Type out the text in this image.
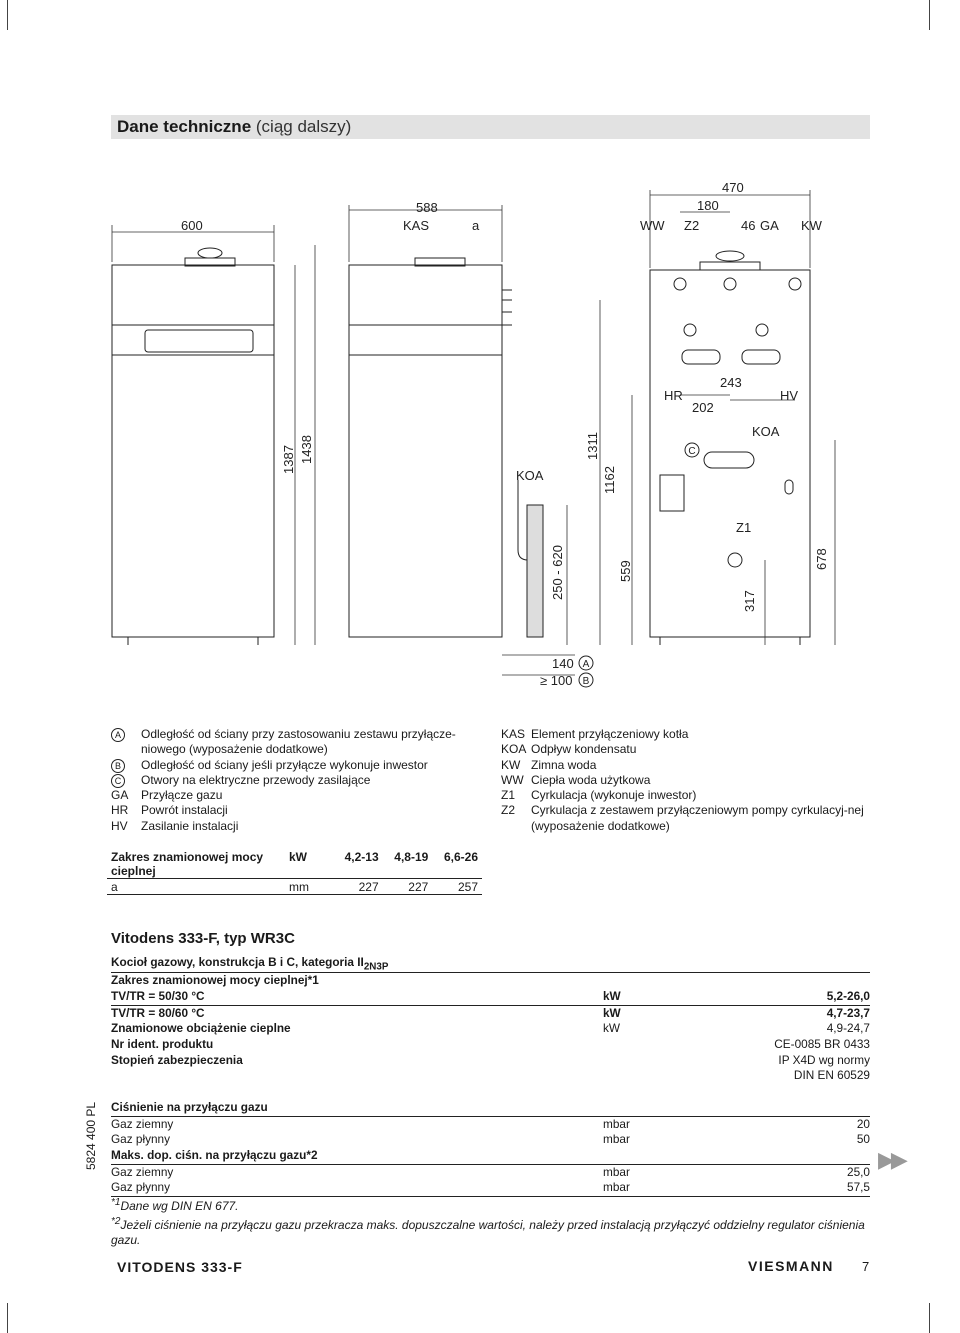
Dane techniczne (ciąg dalszy)
600
588
470
180
46
1387 1438	1311
1162
559
250 - 620
140
≥ 100
243
202
317
678
KAS	a	WW Z2	GA KW
KOA
KOA
HR	HV
Z1
A
B
C
A	Odległość od ściany przy zastosowaniu zestawu przyłącze-niowego (wyposażenie dodatkowe)
B	Odległość od ściany jeśli przyłącze wykonuje inwestor
C	Otwory na elektryczne przewody zasilające
GA	Przyłącze gazu
HR	Powrót instalacji
HV	Zasilanie instalacji
KAS Element przyłączeniowy kotła
KOA Odpływ kondensatu
KW Zimna woda
WW Ciepła woda użytkowa
Z1	Cyrkulacja (wykonuje inwestor)
Z2	Cyrkulacja z zestawem przyłączeniowym pompy cyrkulacyj-nej (wyposażenie dodatkowe)
Zakres znamionowej mocy cieplnej	kW	4,2-13	4,8-19	6,6-26
a	mm	227	227	257
Vitodens 333-F, typ WR3C
Kocioł gazowy, konstrukcja B i C, kategoria $II_{2N3P}$		
Zakres znamionowej mocy cieplnej*1		
TV/TR = 50/30 °C	kW	5,2-26,0
TV/TR = 80/60 °C	kW	4,7-23,7
Znamionowe obciążenie cieplne	kW	4,9-24,7
Nr ident. produktu		CE-0085 BR 0433
Stopień zabezpieczenia		IP X4D wg normy
		DIN EN 60529

Ciśnienie na przyłączu gazu		
Gaz ziemny	mbar	20
Gaz płynny	mbar	50
Maks. dop. ciśn. na przyłączu gazu*2		
Gaz ziemny	mbar	25,0
Gaz płynny	mbar	57,5
$^{*1}$Dane wg DIN EN 677.
$^{*2}$Jeżeli ciśnienie na przyłączu gazu przekracza maks. dopuszczalne wartości, należy przed instalacją przyłączyć oddzielny regulator ciśnienia gazu.
▶▶
5824 400 PL
VITODENS 333-F	VIESMANN 7
